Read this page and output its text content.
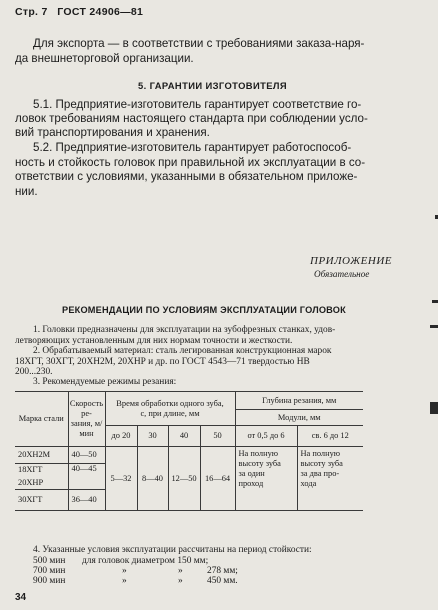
Стр. 7 ГОСТ 24906—81
Для экспорта — в соответствии с требованиями заказа-наря-
да внешнеторговой организации.
5. ГАРАНТИИ ИЗГОТОВИТЕЛЯ
5.1. Предприятие-изготовитель гарантирует соответствие го-
ловок требованиям настоящего стандарта при соблюдении усло-
вий транспортирования и хранения.
5.2. Предприятие-изготовитель гарантирует работоспособ-
ность и стойкость головок при правильной их эксплуатации в со-
ответствии с условиями, указанными в обязательном приложе-
нии.
ПРИЛОЖЕНИЕ
Обязательное
РЕКОМЕНДАЦИИ ПО УСЛОВИЯМ ЭКСПЛУАТАЦИИ ГОЛОВОК
1. Головки предназначены для эксплуатации на зубофрезных станках, удов-
летворяющих установленным для них нормам точности и жесткости.
2. Обрабатываемый материал: сталь легированная конструкционная марок
18ХГТ, 30ХГТ, 20ХН2М, 20ХНР и др. по ГОСТ 4543—71 твердостью НВ
200...230.
3. Рекомендуемые режимы резания:
Марка стали	Скорость ре-
зания, м/мин	Время обработки одного зуба,
с, при длине, мм				Глубина резания, мм	
						Модули, мм	
		до 20	30	40	50	от 0,5 до 6	св. 6 до 12
20ХН2М	40—50	5—32	8—40	12—50	16—64	На полную
высоту зуба
за один
проход	На полную
высоту зуба
за два про-
хода
18ХГТ	40—45						
20ХНР							
30ХГТ	36—40						
4. Указанные условия эксплуатации рассчитаны на период стойкости:
500 мин для головок диаметром 150 мм;
700 мин	»	»	278 мм;
900 мин	»	»	450 мм.
34
